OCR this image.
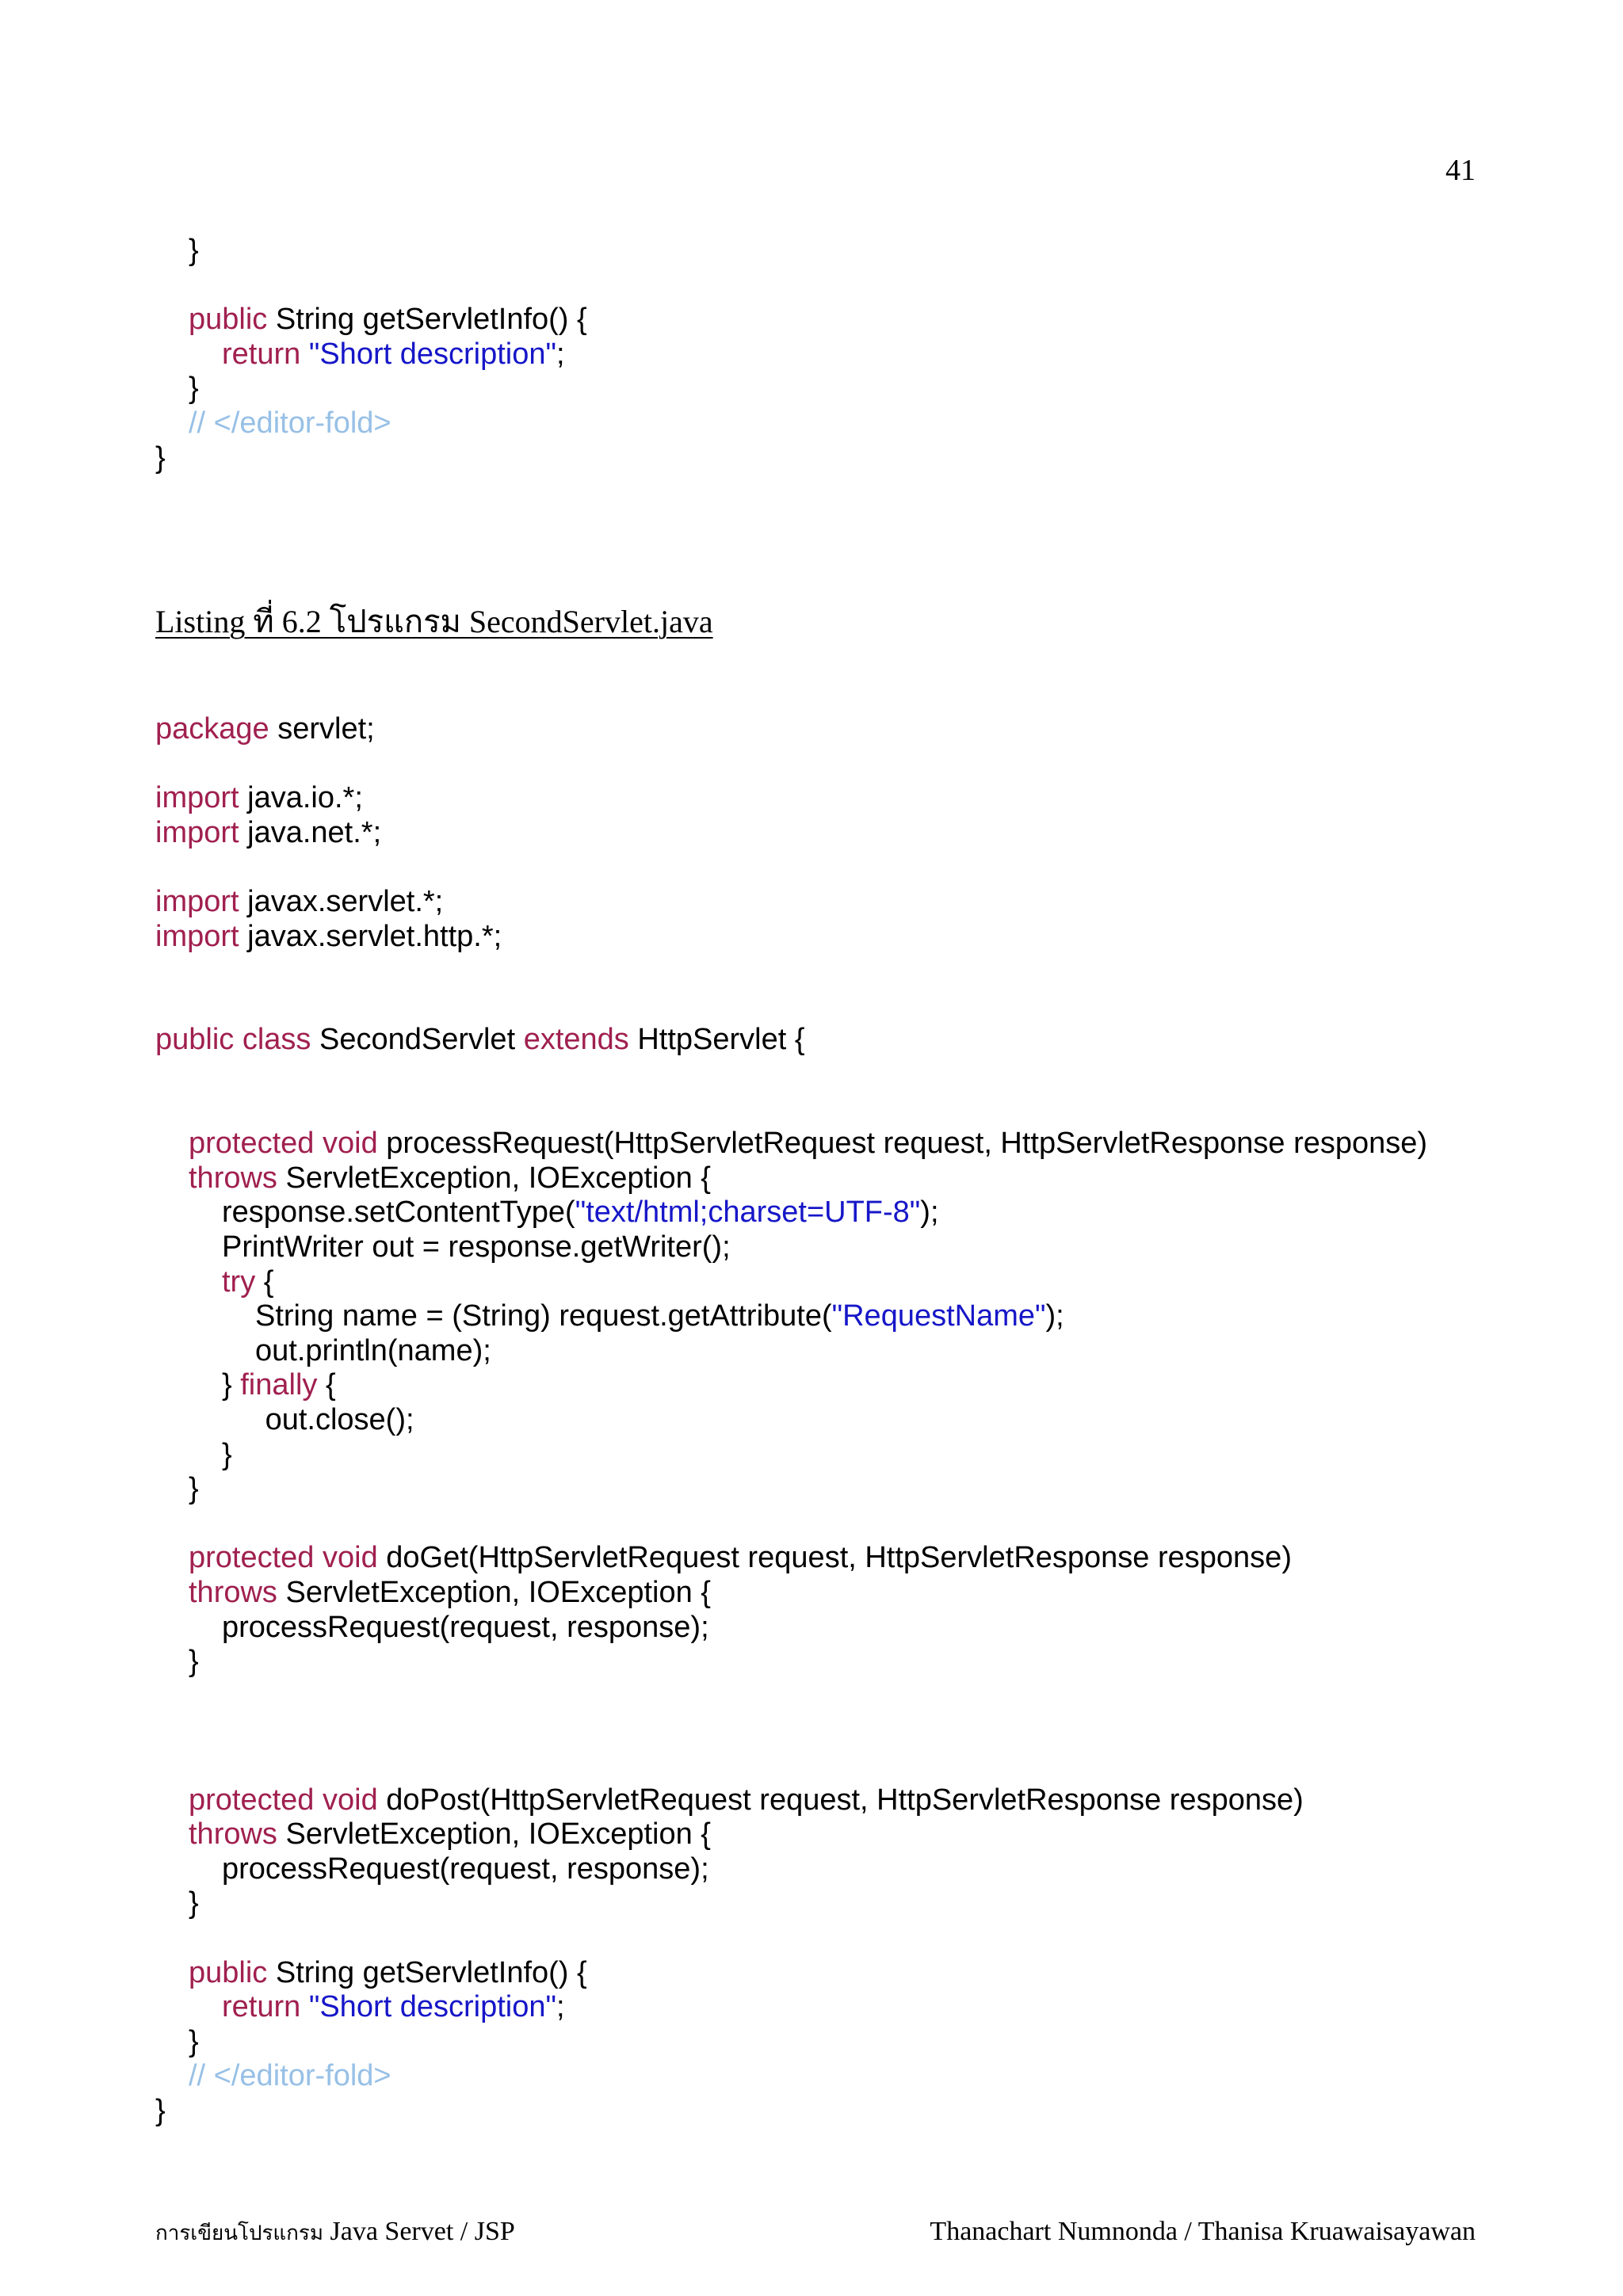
41
}
public String getServletInfo() {
return "Short description";
}
// </editor-fold>
}
Listing ที่ 6.2 โปรแกรม SecondServlet.java
package servlet;
import java.io.*;
import java.net.*;
import javax.servlet.*;
import javax.servlet.http.*;
public class SecondServlet extends HttpServlet {
protected void processRequest(HttpServletRequest request, HttpServletResponse response)
throws ServletException, IOException {
response.setContentType("text/html;charset=UTF-8");
PrintWriter out = response.getWriter();
try {
String name = (String) request.getAttribute("RequestName");
out.println(name);
} finally {
out.close();
}
}
protected void doGet(HttpServletRequest request, HttpServletResponse response)
throws ServletException, IOException {
processRequest(request, response);
}
protected void doPost(HttpServletRequest request, HttpServletResponse response)
throws ServletException, IOException {
processRequest(request, response);
}
public String getServletInfo() {
return "Short description";
}
// </editor-fold>
}
การเขียนโปรแกรม Java Servet / JSP	Thanachart Numnonda / Thanisa Kruawaisayawan
